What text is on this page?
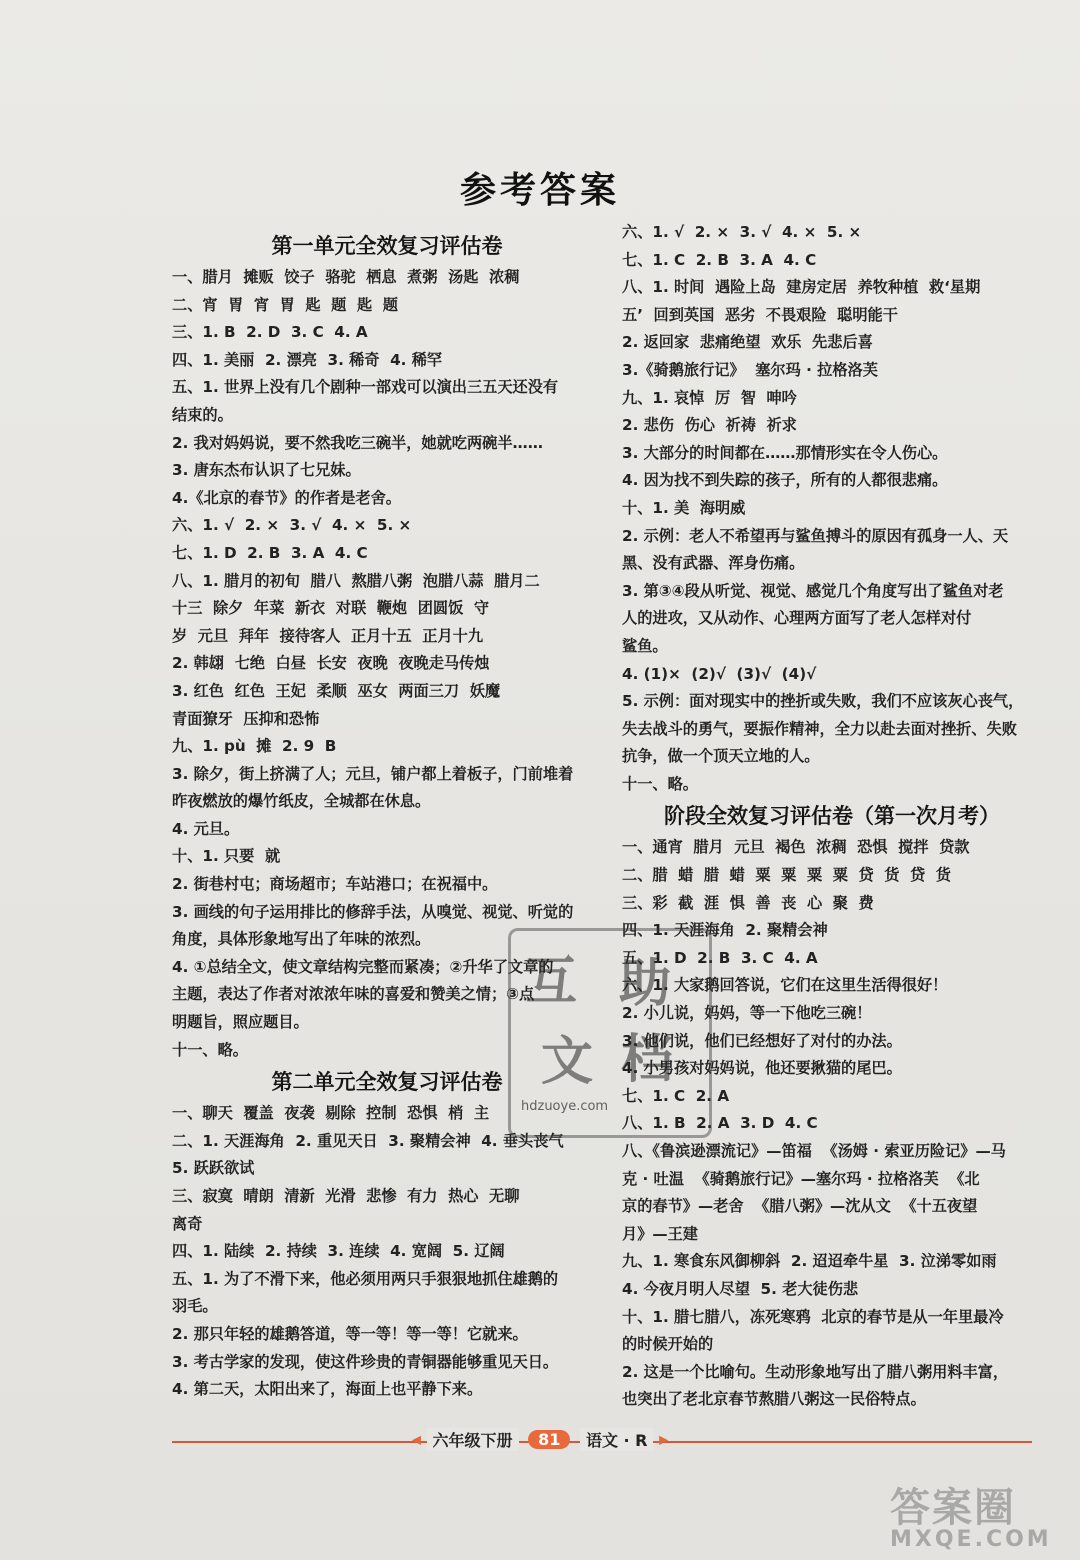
参考答案
第一单元全效复习评估卷
一、腊月  摊贩  饺子  骆驼  栖息  煮粥  汤匙  浓稠
二、宵  胃  宵  胃  匙  题  匙  题
三、1. B  2. D  3. C  4. A
四、1. 美丽  2. 漂亮  3. 稀奇  4. 稀罕
五、1. 世界上没有几个剧种一部戏可以演出三五天还没有
结束的。
2. 我对妈妈说，要不然我吃三碗半，她就吃两碗半……
3. 唐东杰布认识了七兄妹。
4.《北京的春节》的作者是老舍。
六、1. √  2. ×  3. √  4. ×  5. ×
七、1. D  2. B  3. A  4. C
八、1. 腊月的初旬  腊八  熬腊八粥  泡腊八蒜  腊月二
十三  除夕  年菜  新衣  对联  鞭炮  团圆饭  守
岁  元旦  拜年  接待客人  正月十五  正月十九
2. 韩翃  七绝  白昼  长安  夜晚  夜晚走马传烛
3. 红色  红色  王妃  柔顺  巫女  两面三刀  妖魔
青面獠牙  压抑和恐怖
九、1. pù  摊  2. 9  B
3. 除夕，街上挤满了人；元旦，铺户都上着板子，门前堆着
昨夜燃放的爆竹纸皮，全城都在休息。
4. 元旦。
十、1. 只要  就
2. 街巷村屯；商场超市；车站港口；在祝福中。
3. 画线的句子运用排比的修辞手法，从嗅觉、视觉、听觉的
角度，具体形象地写出了年味的浓烈。
4. ①总结全文，使文章结构完整而紧凑；②升华了文章的
主题，表达了作者对浓浓年味的喜爱和赞美之情；③点
明题旨，照应题目。
十一、略。
第二单元全效复习评估卷
一、聊天  覆盖  夜袭  剔除  控制  恐惧  梢  主
二、1. 天涯海角  2. 重见天日  3. 聚精会神  4. 垂头丧气
5. 跃跃欲试
三、寂寞  晴朗  清新  光滑  悲惨  有力  热心  无聊
离奇
四、1. 陆续  2. 持续  3. 连续  4. 宽阔  5. 辽阔
五、1. 为了不滑下来，他必须用两只手狠狠地抓住雄鹅的
羽毛。
2. 那只年轻的雄鹅答道，等一等！等一等！它就来。
3. 考古学家的发现，使这件珍贵的青铜器能够重见天日。
4. 第二天，太阳出来了，海面上也平静下来。
六、1. √  2. ×  3. √  4. ×  5. ×
七、1. C  2. B  3. A  4. C
八、1. 时间  遇险上岛  建房定居  养牧种植  救‘星期
五’  回到英国  恶劣  不畏艰险  聪明能干
2. 返回家  悲痛绝望  欢乐  先悲后喜
3.《骑鹅旅行记》  塞尔玛 · 拉格洛芙
九、1. 哀悼  厉  智  呻吟
2. 悲伤  伤心  祈祷  祈求
3. 大部分的时间都在……那情形实在令人伤心。
4. 因为找不到失踪的孩子，所有的人都很悲痛。
十、1. 美  海明威
2. 示例：老人不希望再与鲨鱼搏斗的原因有孤身一人、天
黑、没有武器、浑身伤痛。
3. 第③④段从听觉、视觉、感觉几个角度写出了鲨鱼对老
人的进攻，又从动作、心理两方面写了老人怎样对付
鲨鱼。
4. (1)×  (2)√  (3)√  (4)√
5. 示例：面对现实中的挫折或失败，我们不应该灰心丧气，
失去战斗的勇气，要振作精神，全力以赴去面对挫折、失败
抗争，做一个顶天立地的人。
十一、略。
阶段全效复习评估卷（第一次月考）
一、通宵  腊月  元旦  褐色  浓稠  恐惧  搅拌  贷款
二、腊  蜡  腊  蜡  粟  粟  粟  粟  贷  货  贷  货
三、彩  截  涯  惧  善  丧  心  聚  费
四、1. 天涯海角  2. 聚精会神
五、1. D  2. B  3. C  4. A
六、1. 大家鹅回答说，它们在这里生活得很好！
2. 小儿说，妈妈，等一下他吃三碗！
3. 他们说，他们已经想好了对付的办法。
4. 小男孩对妈妈说，他还要揪猫的尾巴。
七、1. C  2. A
八、1. B  2. A  3. D  4. C
八、《鲁滨逊漂流记》—笛福  《汤姆 · 索亚历险记》—马
克 · 吐温  《骑鹅旅行记》—塞尔玛 · 拉格洛芙  《北
京的春节》—老舍  《腊八粥》—沈从文  《十五夜望
月》—王建
九、1. 寒食东风御柳斜  2. 迢迢牵牛星  3. 泣涕零如雨
4. 今夜月明人尽望  5. 老大徒伤悲
十、1. 腊七腊八，冻死寒鸦  北京的春节是从一年里最冷
的时候开始的
2. 这是一个比喻句。生动形象地写出了腊八粥用料丰富，
也突出了老北京春节熬腊八粥这一民俗特点。
互 助
文 档
hdzuoye.com
◀ 六年级下册 81 语文 · R ▶
答案圈
MXQE.COM
